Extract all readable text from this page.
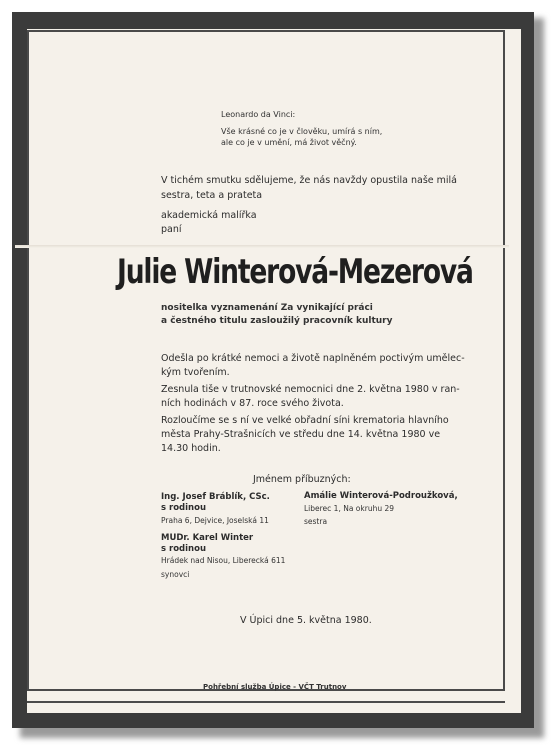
Leonardo da Vinci:

Vše krásné co je v člověku, umírá s ním,

ale co je v umění, má život věčný.

V tichém smutku sdělujeme, že nás navždy opustila naše milá

sestra, teta a prateta

akademická malířka

paní

Julie Winterová-Mezerová

nositelka vyznamenání Za vynikající práci

a čestného titulu zasloužilý pracovník kultury

Odešla po krátké nemoci a životě naplněném poctivým umělec-

kým tvořením.

Zesnula tiše v trutnovské nemocnici dne 2. května 1980 v ran-

ních hodinách v 87. roce svého života.

Rozloučíme se s ní ve velké obřadní síni krematoria hlavního

města Prahy-Strašnicích ve středu dne 14. května 1980 ve

14.30 hodin.

Jménem příbuzných:

Ing. Josef Bráblík, CSc.

s rodinou

Praha 6, Dejvice, Joselská 11

Amálie Winterová-Podroužková,

Liberec 1, Na okruhu 29

sestra

MUDr. Karel Winter

s rodinou

Hrádek nad Nisou, Liberecká 611

synovci

V Úpici dne 5. května 1980.

Pohřební služba Úpice - VČT Trutnov
